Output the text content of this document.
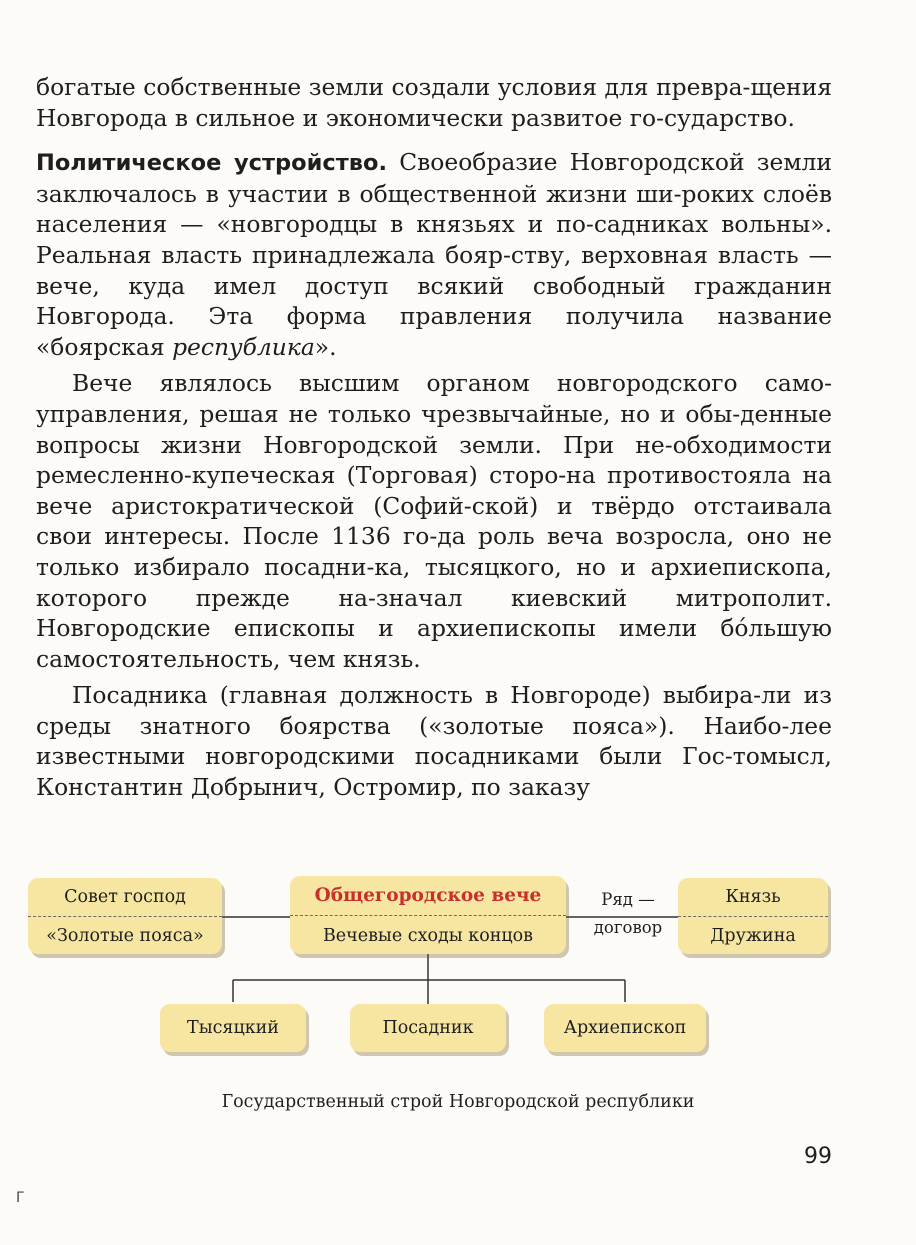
богатые собственные земли создали условия для превра-щения Новгорода в сильное и экономически развитое го-сударство.

Политическое устройство. Своеобразие Новгородской земли заключалось в участии в общественной жизни ши-роких слоёв населения — «новгородцы в князьях и по-садниках вольны». Реальная власть принадлежала бояр-ству, верховная власть — вече, куда имел доступ всякий свободный гражданин Новгорода. Эта форма правления получила название «боярская республика».

Вече являлось высшим органом новгородского само-управления, решая не только чрезвычайные, но и обы-денные вопросы жизни Новгородской земли. При не-обходимости ремесленно-купеческая (Торговая) сторо-на противостояла на вече аристократической (Софий-ской) и твёрдо отстаивала свои интересы. После 1136 го-да роль веча возросла, оно не только избирало посадни-ка, тысяцкого, но и архиепископа, которого прежде на-значал киевский митрополит. Новгородские епископы и архиепископы имели бóльшую самостоятельность, чем князь.

Посадника (главная должность в Новгороде) выбира-ли из среды знатного боярства («золотые пояса»). Наибо-лее известными новгородскими посадниками были Гос-томысл, Константин Добрынич, Остромир, по заказу

Совет господ
«Золотые пояса»
Общегородское вече
Вечевые сходы концов
Ряд —
договор
Князь
Дружина
Тысяцкий	Посадник	Архиепископ
Государственный строй Новгородской республики
99
Г
